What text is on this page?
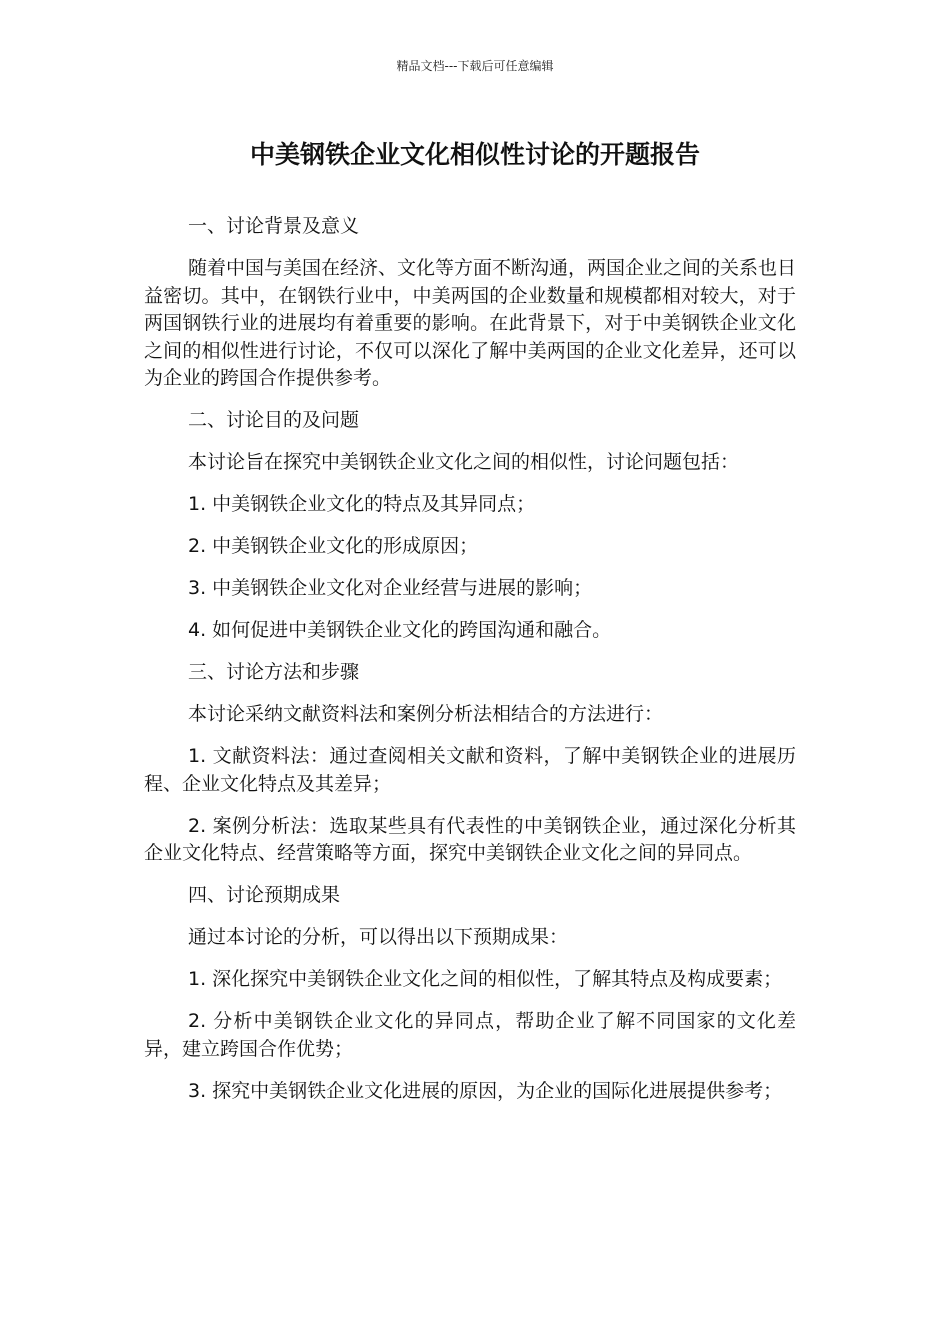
精品文档---下载后可任意编辑
中美钢铁企业文化相似性讨论的开题报告

一、讨论背景及意义

随着中国与美国在经济、文化等方面不断沟通，两国企业之间的关系也日益密切。其中，在钢铁行业中，中美两国的企业数量和规模都相对较大，对于两国钢铁行业的进展均有着重要的影响。在此背景下，对于中美钢铁企业文化之间的相似性进行讨论，不仅可以深化了解中美两国的企业文化差异，还可以为企业的跨国合作提供参考。

二、讨论目的及问题

本讨论旨在探究中美钢铁企业文化之间的相似性，讨论问题包括：

1. 中美钢铁企业文化的特点及其异同点；

2. 中美钢铁企业文化的形成原因；

3. 中美钢铁企业文化对企业经营与进展的影响；

4. 如何促进中美钢铁企业文化的跨国沟通和融合。

三、讨论方法和步骤

本讨论采纳文献资料法和案例分析法相结合的方法进行：

1. 文献资料法：通过查阅相关文献和资料，了解中美钢铁企业的进展历程、企业文化特点及其差异；

2. 案例分析法：选取某些具有代表性的中美钢铁企业，通过深化分析其企业文化特点、经营策略等方面，探究中美钢铁企业文化之间的异同点。

四、讨论预期成果

通过本讨论的分析，可以得出以下预期成果：

1. 深化探究中美钢铁企业文化之间的相似性，了解其特点及构成要素；

2. 分析中美钢铁企业文化的异同点，帮助企业了解不同国家的文化差异，建立跨国合作优势；

3. 探究中美钢铁企业文化进展的原因，为企业的国际化进展提供参考；
